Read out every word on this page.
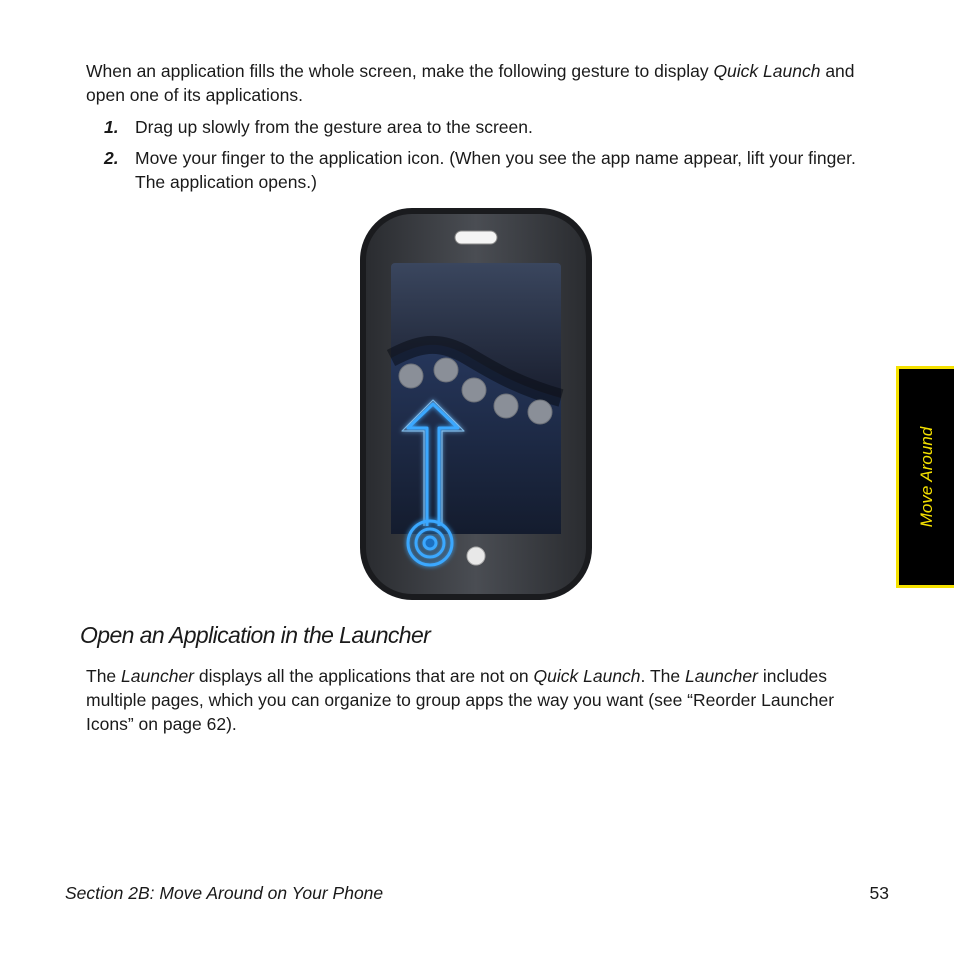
When an application fills the whole screen, make the following gesture to display Quick Launch and open one of its applications.

1. Drag up slowly from the gesture area to the screen.
2. Move your finger to the application icon. (When you see the app name appear, lift your finger. The application opens.)
Open an Application in the Launcher

The Launcher displays all the applications that are not on Quick Launch. The Launcher includes multiple pages, which you can organize to group apps the way you want (see “Reorder Launcher Icons” on page 62).

Move Around
Section 2B: Move Around on Your Phone	53
